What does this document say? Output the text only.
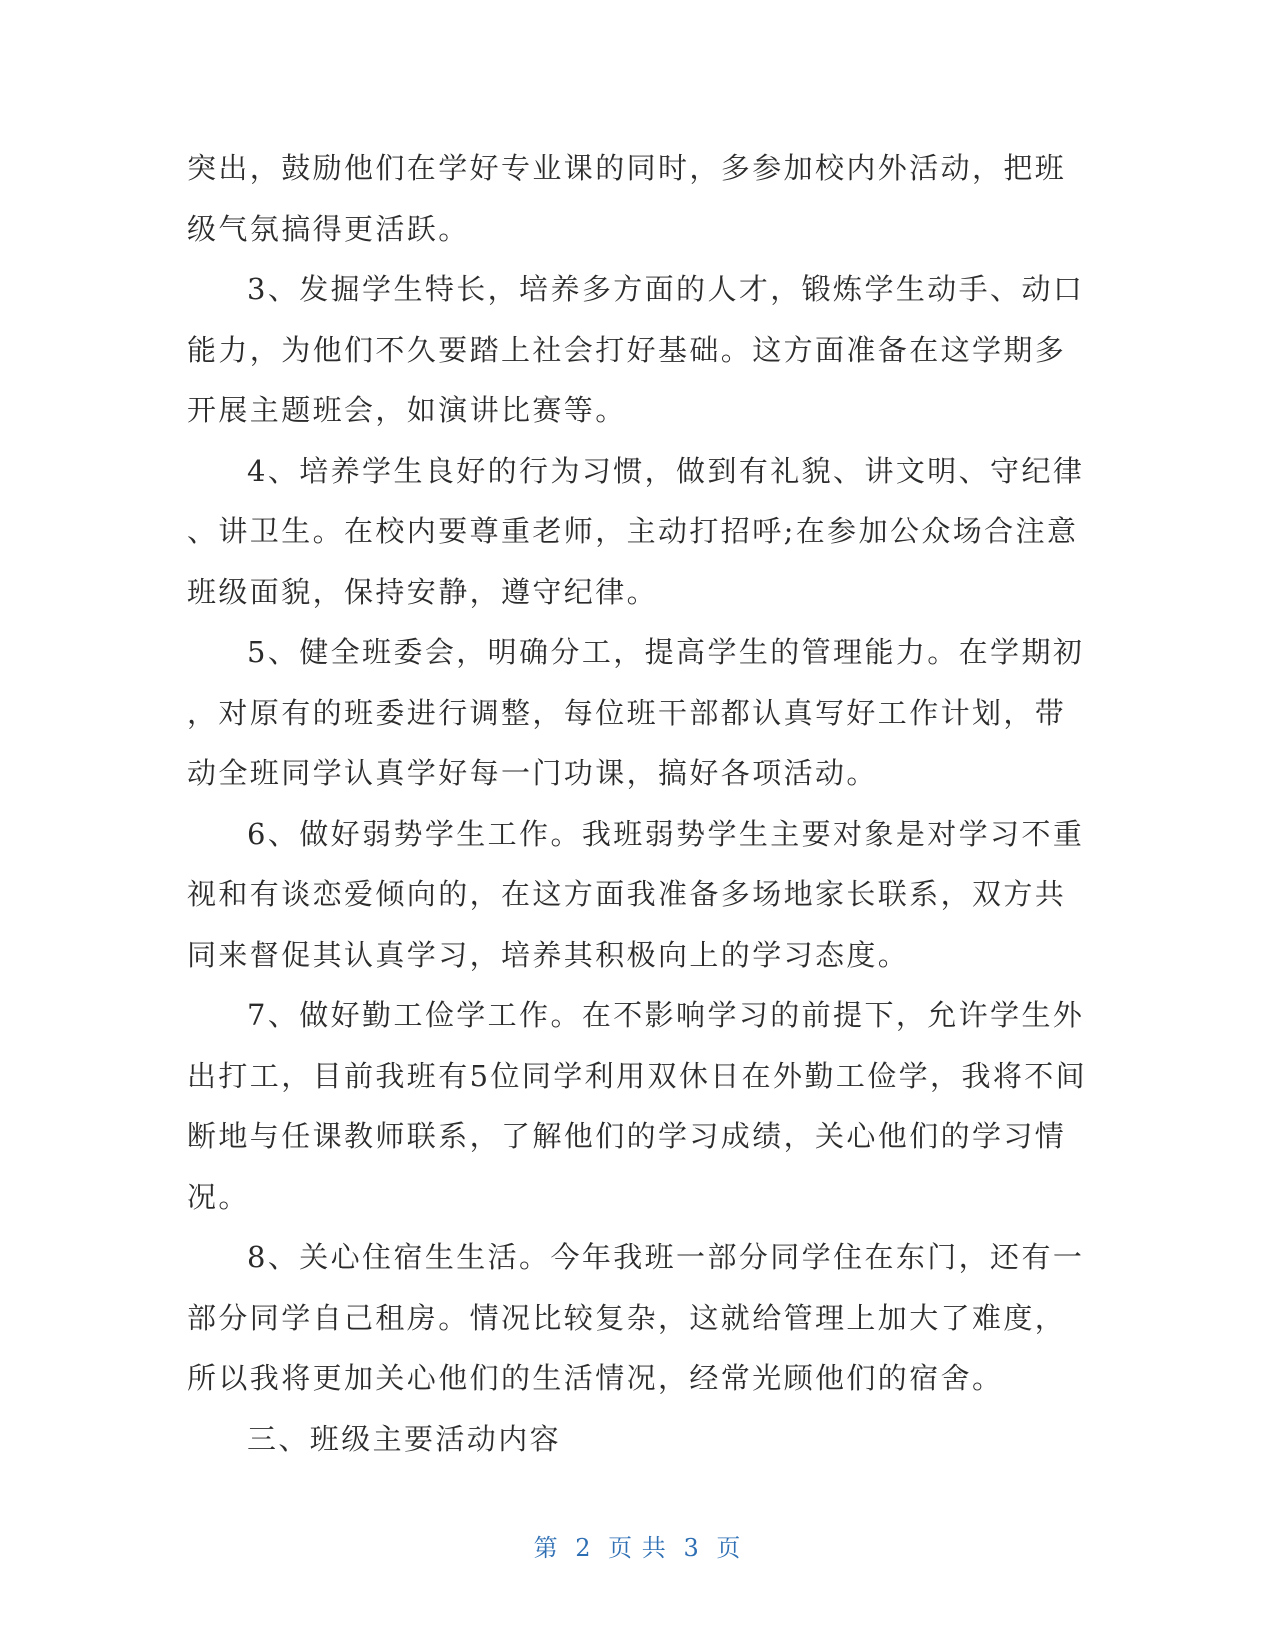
突出，鼓励他们在学好专业课的同时，多参加校内外活动，把班
级气氛搞得更活跃。
3、发掘学生特长，培养多方面的人才，锻炼学生动手、动口
能力，为他们不久要踏上社会打好基础。这方面准备在这学期多
开展主题班会，如演讲比赛等。
4、培养学生良好的行为习惯，做到有礼貌、讲文明、守纪律
、讲卫生。在校内要尊重老师，主动打招呼;在参加公众场合注意
班级面貌，保持安静，遵守纪律。
5、健全班委会，明确分工，提高学生的管理能力。在学期初
，对原有的班委进行调整，每位班干部都认真写好工作计划，带
动全班同学认真学好每一门功课，搞好各项活动。
6、做好弱势学生工作。我班弱势学生主要对象是对学习不重
视和有谈恋爱倾向的，在这方面我准备多场地家长联系，双方共
同来督促其认真学习，培养其积极向上的学习态度。
7、做好勤工俭学工作。在不影响学习的前提下，允许学生外
出打工，目前我班有5位同学利用双休日在外勤工俭学，我将不间
断地与任课教师联系，了解他们的学习成绩，关心他们的学习情
况。
8、关心住宿生生活。今年我班一部分同学住在东门，还有一
部分同学自己租房。情况比较复杂，这就给管理上加大了难度，
所以我将更加关心他们的生活情况，经常光顾他们的宿舍。
三、班级主要活动内容
第 2 页 共 3 页
